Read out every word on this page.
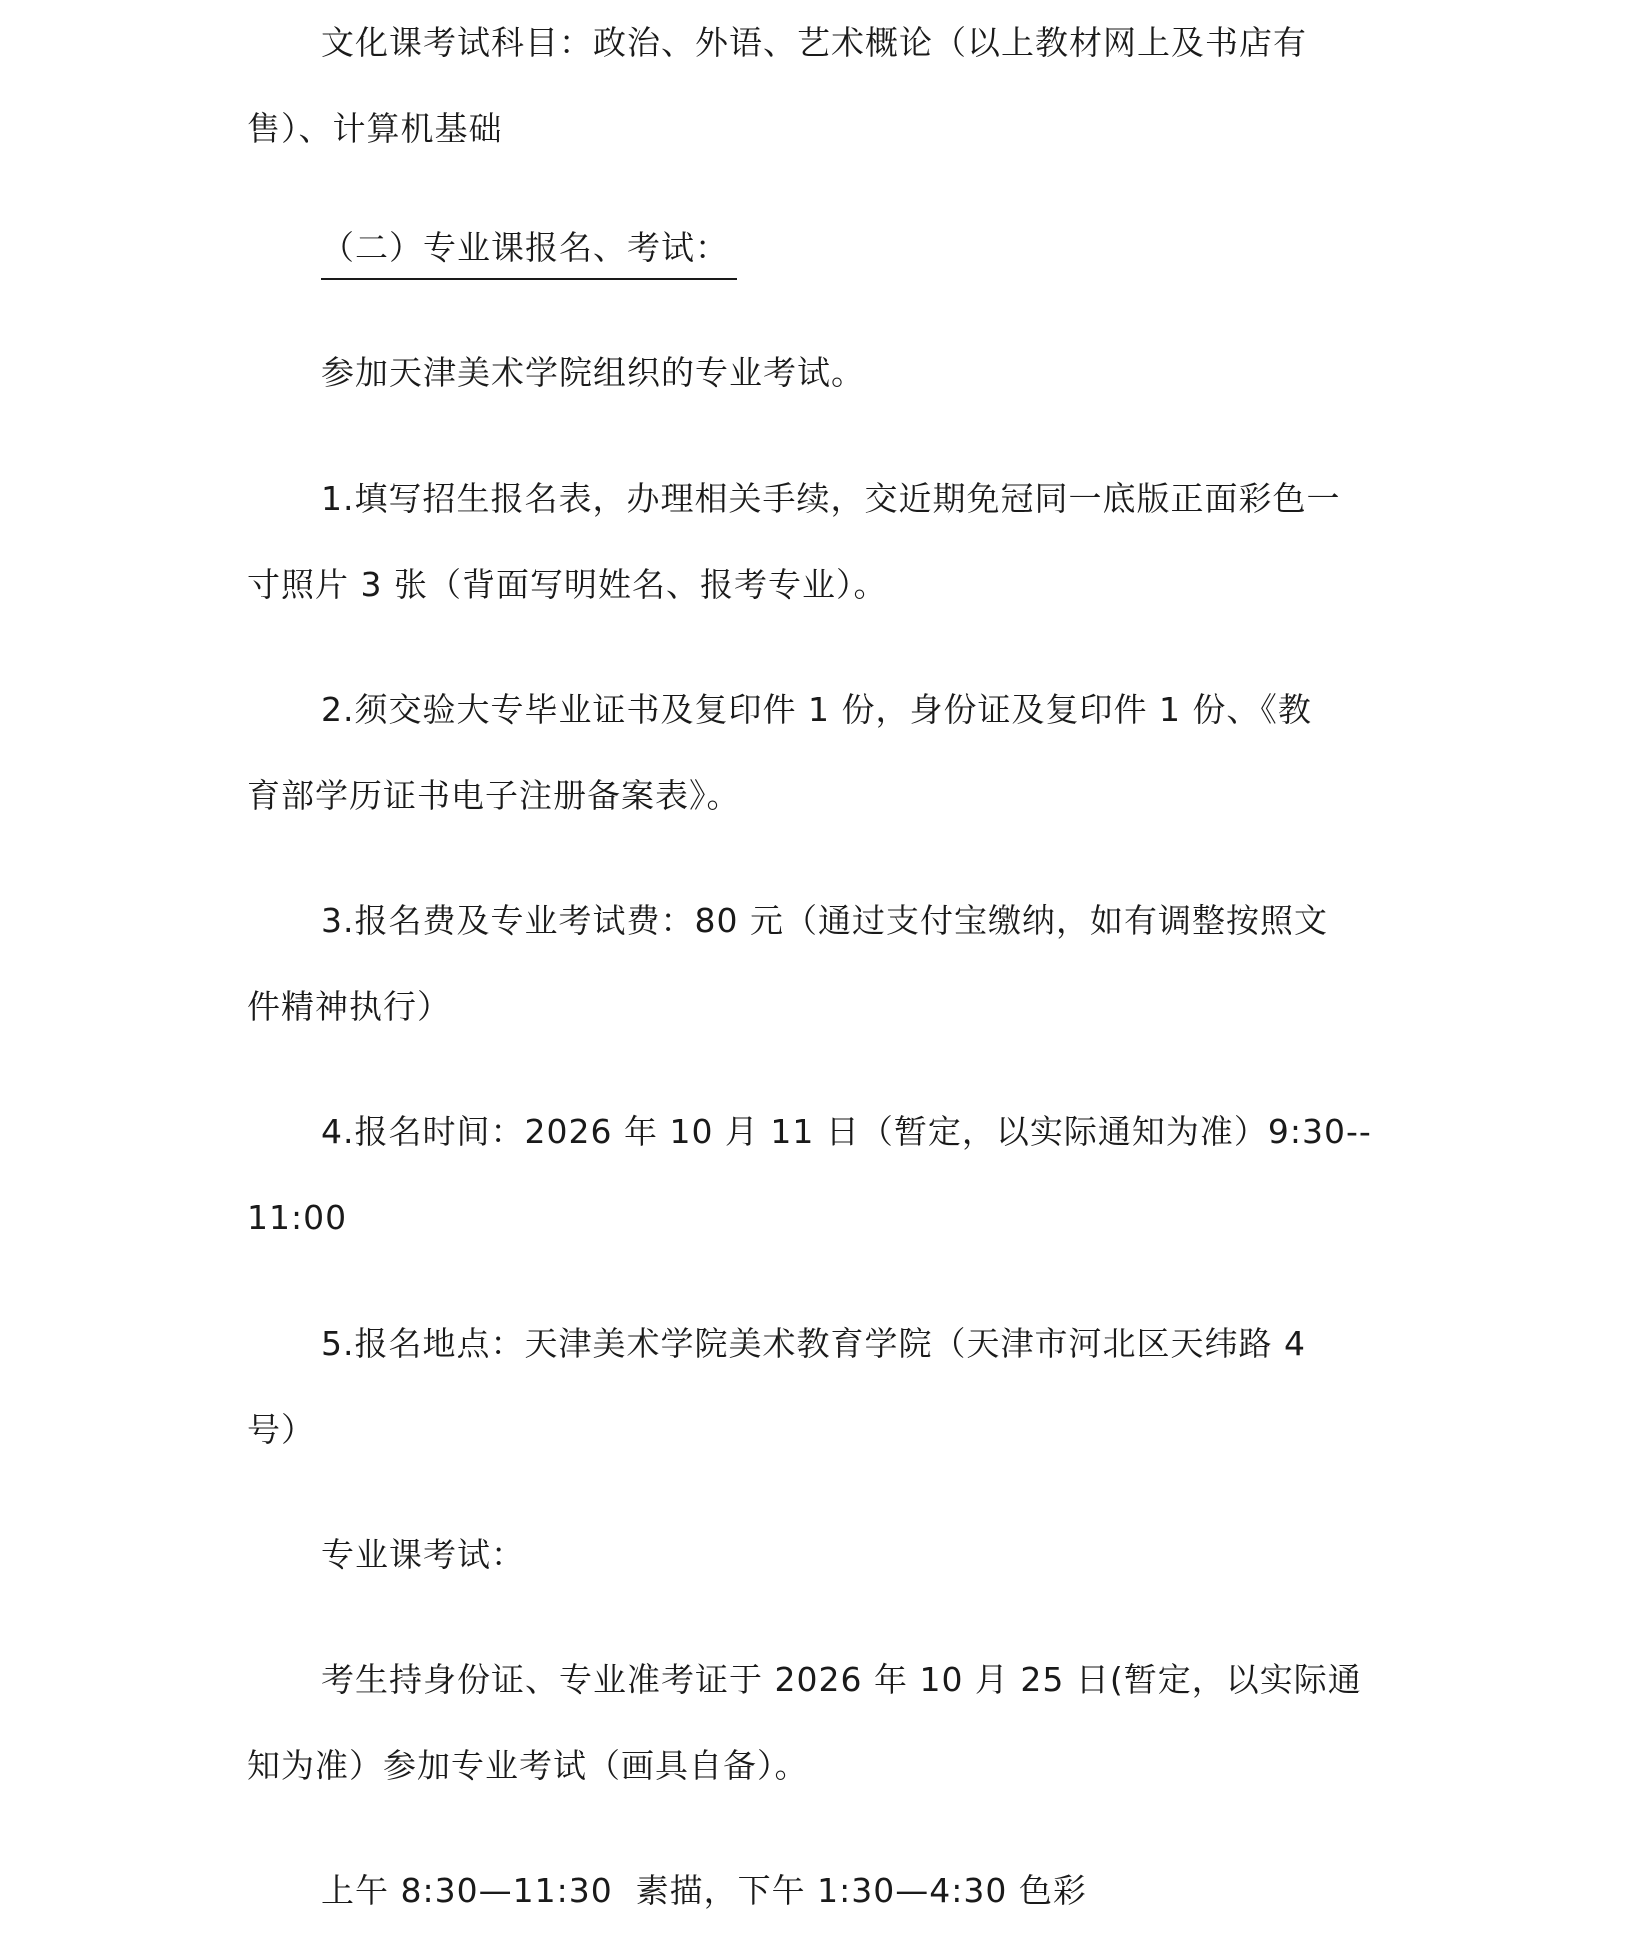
文化课考试科目：政治、外语、艺术概论（以上教材网上及书店有
售）、计算机基础
（二）专业课报名、考试：
参加天津美术学院组织的专业考试。
1.填写招生报名表，办理相关手续，交近期免冠同一底版正面彩色一
寸照片 3 张（背面写明姓名、报考专业）。
2.须交验大专毕业证书及复印件 1 份，身份证及复印件 1 份、《教
育部学历证书电子注册备案表》。
3.报名费及专业考试费：80 元（通过支付宝缴纳，如有调整按照文
件精神执行）
4.报名时间：2026 年 10 月 11 日（暂定，以实际通知为准）9:30--
11:00
5.报名地点：天津美术学院美术教育学院（天津市河北区天纬路 4
号）
专业课考试：
考生持身份证、专业准考证于 2026 年 10 月 25 日(暂定，以实际通
知为准）参加专业考试（画具自备）。
上午 8:30—11:30  素描，下午 1:30—4:30 色彩
